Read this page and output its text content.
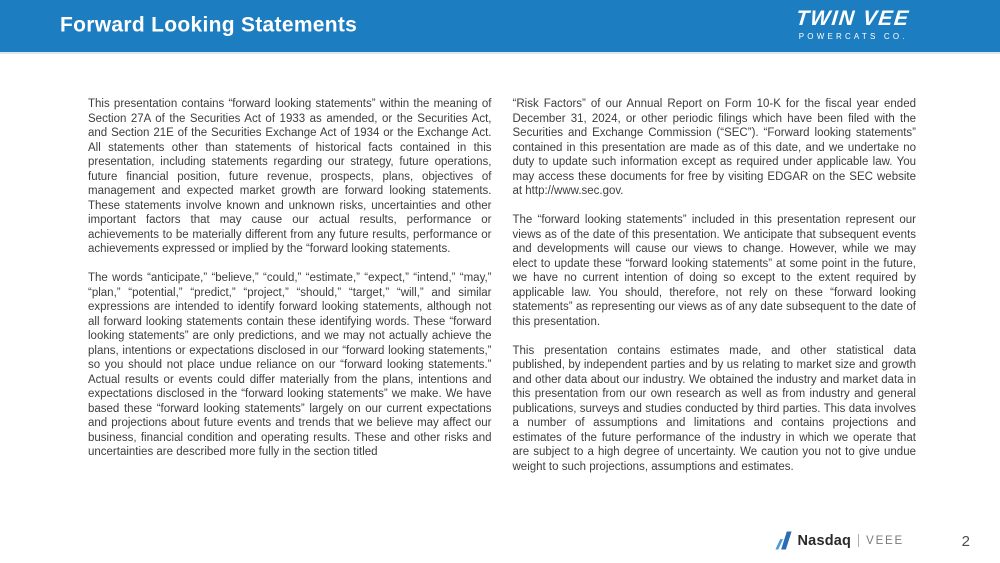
Forward Looking Statements	TWIN VEE
POWERCATS CO.

This presentation contains “forward looking statements” within the meaning of Section 27A of the Securities Act of 1933 as amended, or the Securities Act, and Section 21E of the Securities Exchange Act of 1934 or the Exchange Act. All statements other than statements of historical facts contained in this presentation, including statements regarding our strategy, future operations, future financial position, future revenue, prospects, plans, objectives of management and expected market growth are forward looking statements. These statements involve known and unknown risks, uncertainties and other important factors that may cause our actual results, performance or achievements to be materially different from any future results, performance or achievements expressed or implied by the “forward looking statements.

The words “anticipate,” “believe,” “could,” “estimate,” “expect,” “intend,” “may,” “plan,” “potential,” “predict,” “project,” “should,” “target,” “will,” and similar expressions are intended to identify forward looking statements, although not all forward looking statements contain these identifying words. These “forward looking statements” are only predictions, and we may not actually achieve the plans, intentions or expectations disclosed in our “forward looking statements,” so you should not place undue reliance on our “forward looking statements.” Actual results or events could differ materially from the plans, intentions and expectations disclosed in the “forward looking statements” we make. We have based these “forward looking statements” largely on our current expectations and projections about future events and trends that we believe may affect our business, financial condition and operating results. These and other risks and uncertainties are described more fully in the section titled

“Risk Factors” of our Annual Report on Form 10-K for the fiscal year ended December 31, 2024, or other periodic filings which have been filed with the Securities and Exchange Commission (“SEC”). “Forward looking statements” contained in this presentation are made as of this date, and we undertake no duty to update such information except as required under applicable law. You may access these documents for free by visiting EDGAR on the SEC website at http://www.sec.gov.

The “forward looking statements” included in this presentation represent our views as of the date of this presentation. We anticipate that subsequent events and developments will cause our views to change. However, while we may elect to update these “forward looking statements” at some point in the future, we have no current intention of doing so except to the extent required by applicable law. You should, therefore, not rely on these “forward looking statements” as representing our views as of any date subsequent to the date of this presentation.

This presentation contains estimates made, and other statistical data published, by independent parties and by us relating to market size and growth and other data about our industry. We obtained the industry and market data in this presentation from our own research as well as from industry and general publications, surveys and studies conducted by third parties. This data involves a number of assumptions and limitations and contains projections and estimates of the future performance of the industry in which we operate that are subject to a high degree of uncertainty. We caution you not to give undue weight to such projections, assumptions and estimates.

Nasdaq VEEE	2
